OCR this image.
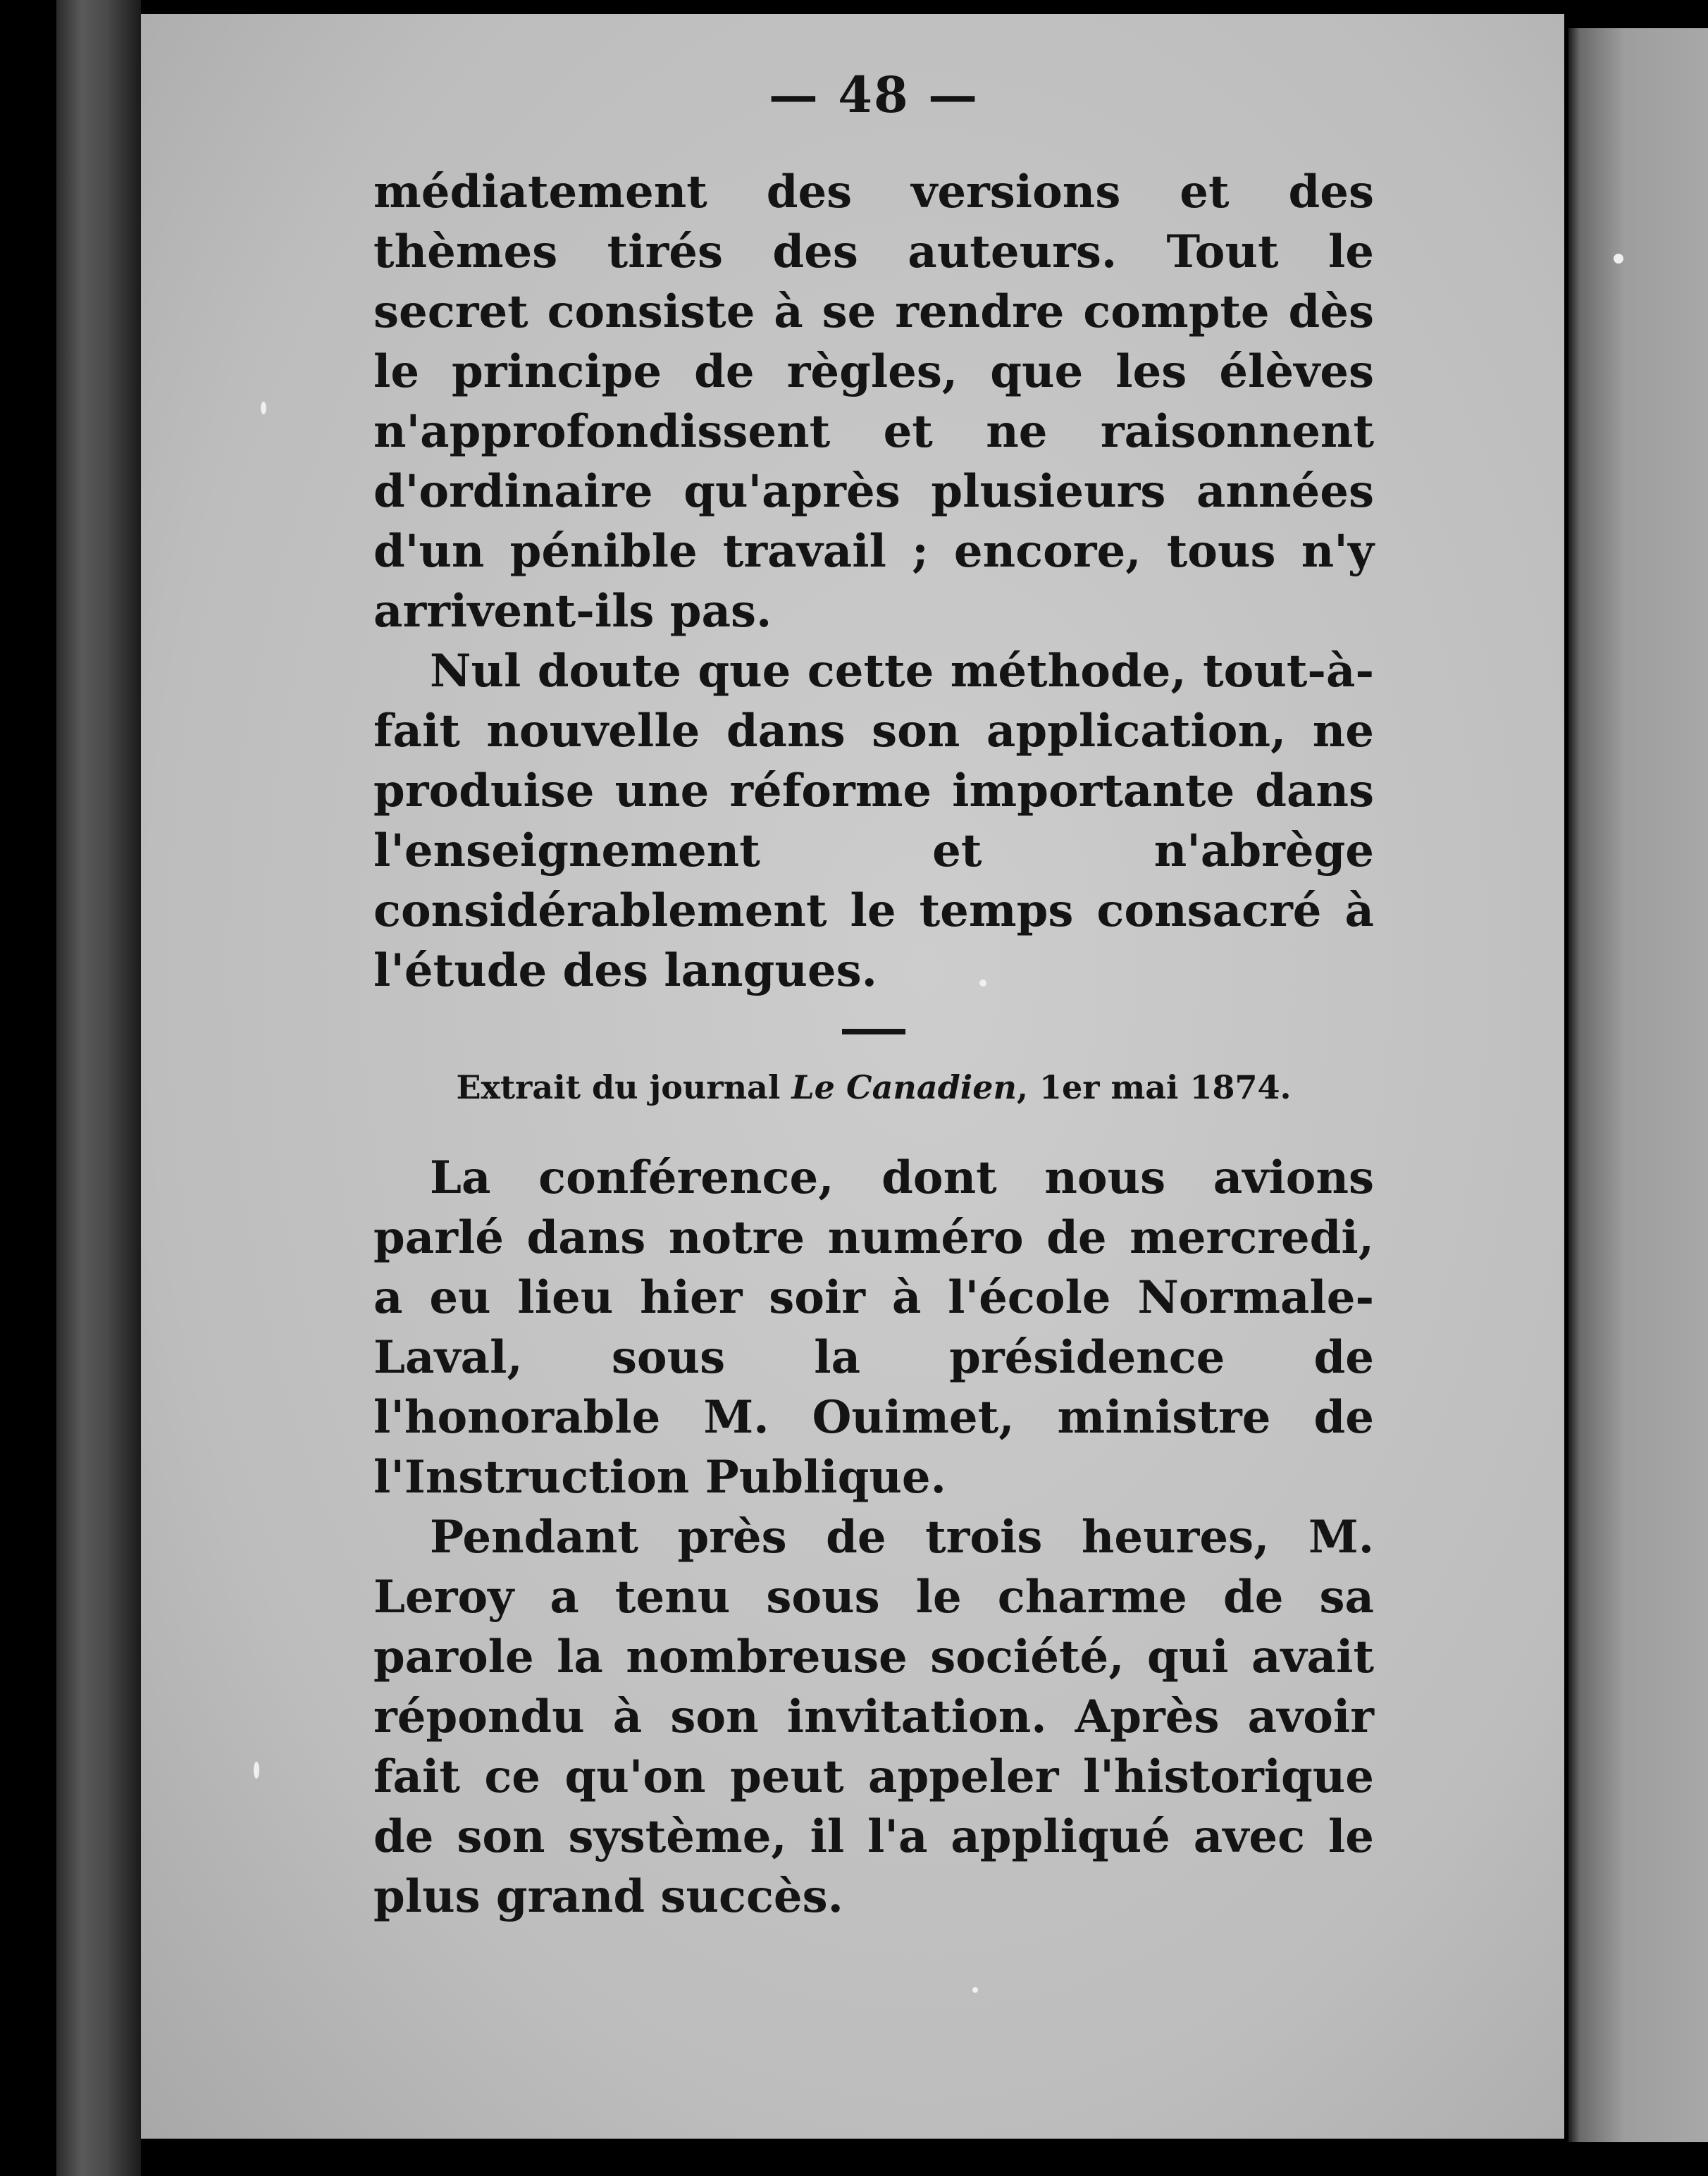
— 48 —

médiatement des versions et des thèmes tirés des auteurs. Tout le secret consiste à se rendre compte dès le principe de règles, que les élèves n'approfondissent et ne raisonnent d'ordinaire qu'après plusieurs années d'un pénible travail ; encore, tous n'y arrivent-ils pas.

Nul doute que cette méthode, tout-à-fait nouvelle dans son application, ne produise une réforme importante dans l'enseignement et n'abrège considérablement le temps consacré à l'étude des langues.

Extrait du journal Le Canadien, 1er mai 1874.

La conférence, dont nous avions parlé dans notre numéro de mercredi, a eu lieu hier soir à l'école Normale-Laval, sous la présidence de l'honorable M. Ouimet, ministre de l'Instruction Publique.

Pendant près de trois heures, M. Leroy a tenu sous le charme de sa parole la nombreuse société, qui avait répondu à son invitation. Après avoir fait ce qu'on peut appeler l'historique de son système, il l'a appliqué avec le plus grand succès.
